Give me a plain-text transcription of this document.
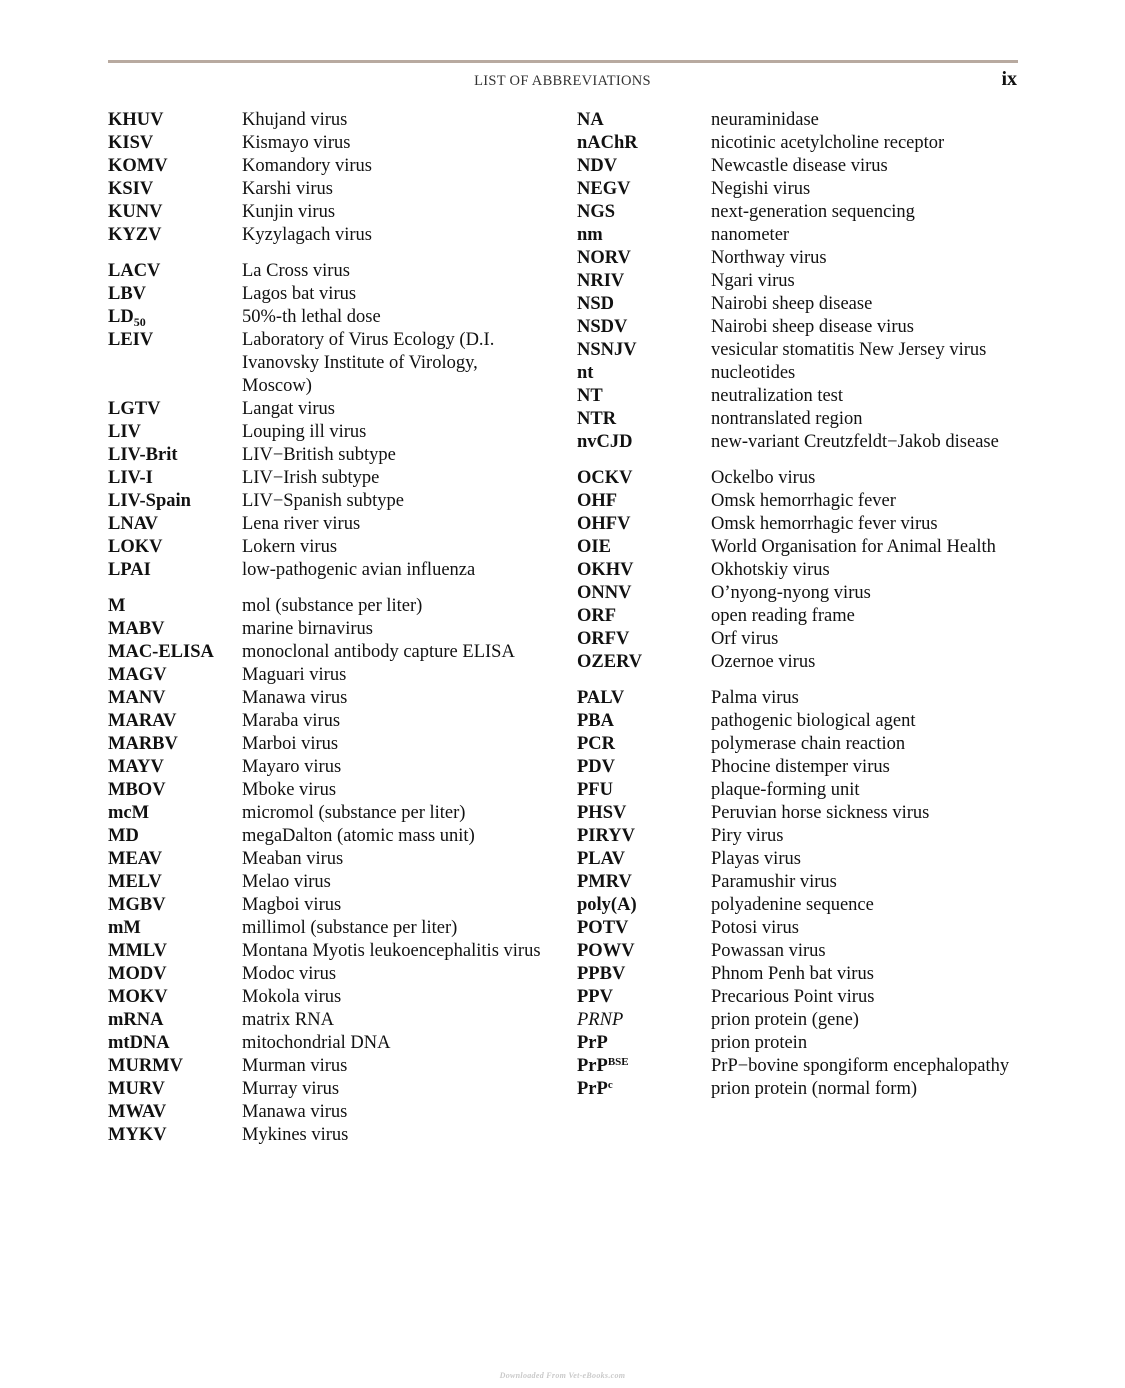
LIST OF ABBREVIATIONS	ix
KHUV	Khujand virus
KISV	Kismayo virus
KOMV	Komandory virus
KSIV	Karshi virus
KUNV	Kunjin virus
KYZV	Kyzylagach virus
LACV	La Cross virus
LBV	Lagos bat virus
$LD_{50}$	50%-th lethal dose
LEIV	Laboratory of Virus Ecology (D.I. Ivanovsky Institute of Virology, Moscow)
LGTV	Langat virus
LIV	Louping ill virus
LIV-Brit	LIV−British subtype
LIV-I	LIV−Irish subtype
LIV-Spain	LIV−Spanish subtype
LNAV	Lena river virus
LOKV	Lokern virus
LPAI	low-pathogenic avian influenza
M	mol (substance per liter)
MABV	marine birnavirus
MAC-ELISA	monoclonal antibody capture ELISA
MAGV	Maguari virus
MANV	Manawa virus
MARAV	Maraba virus
MARBV	Marboi virus
MAYV	Mayaro virus
MBOV	Mboke virus
mcM	micromol (substance per liter)
MD	megaDalton (atomic mass unit)
MEAV	Meaban virus
MELV	Melao virus
MGBV	Magboi virus
mM	millimol (substance per liter)
MMLV	Montana Myotis leukoencephalitis virus
MODV	Modoc virus
MOKV	Mokola virus
mRNA	matrix RNA
mtDNA	mitochondrial DNA
MURMV	Murman virus
MURV	Murray virus
MWAV	Manawa virus
MYKV	Mykines virus
NA	neuraminidase
nAChR	nicotinic acetylcholine receptor
NDV	Newcastle disease virus
NEGV	Negishi virus
NGS	next-generation sequencing
nm	nanometer
NORV	Northway virus
NRIV	Ngari virus
NSD	Nairobi sheep disease
NSDV	Nairobi sheep disease virus
NSNJV	vesicular stomatitis New Jersey virus
nt	nucleotides
NT	neutralization test
NTR	nontranslated region
nvCJD	new-variant Creutzfeldt−Jakob disease
OCKV	Ockelbo virus
OHF	Omsk hemorrhagic fever
OHFV	Omsk hemorrhagic fever virus
OIE	World Organisation for Animal Health
OKHV	Okhotskiy virus
ONNV	O’nyong-nyong virus
ORF	open reading frame
ORFV	Orf virus
OZERV	Ozernoe virus
PALV	Palma virus
PBA	pathogenic biological agent
PCR	polymerase chain reaction
PDV	Phocine distemper virus
PFU	plaque-forming unit
PHSV	Peruvian horse sickness virus
PIRYV	Piry virus
PLAV	Playas virus
PMRV	Paramushir virus
poly(A)	polyadenine sequence
POTV	Potosi virus
POWV	Powassan virus
PPBV	Phnom Penh bat virus
PPV	Precarious Point virus
PRNP	prion protein (gene)
PrP	prion protein
PrP$^{BSE}$	PrP−bovine spongiform encephalopathy
PrP$^c$	prion protein (normal form)
Downloaded From Vet-eBooks.com
